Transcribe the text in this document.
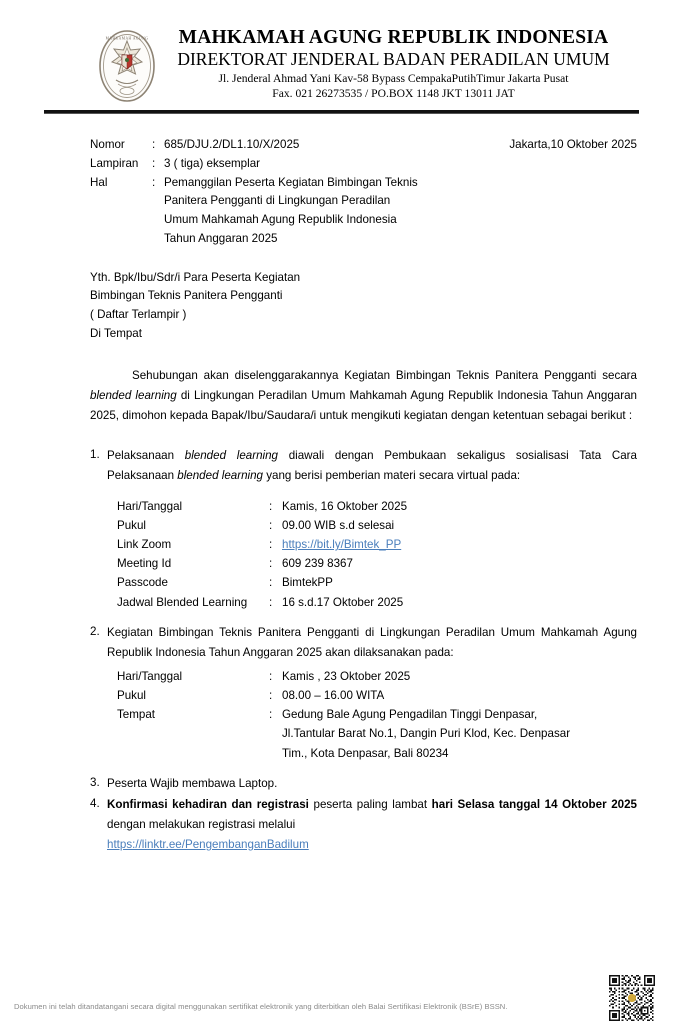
MAHKAMAH AGUNG	MAHKAMAH AGUNG REPUBLIK INDONESIA
DIREKTORAT JENDERAL BADAN PERADILAN UMUM
Jl. Jenderal Ahmad Yani Kav-58 Bypass CempakaPutihTimur Jakarta Pusat
Fax. 021 26273535 / PO.BOX 1148 JKT 13011 JAT
Jakarta,10 Oktober 2025
Nomor	: 685/DJU.2/DL1.10/X/2025
Lampiran	: 3 ( tiga) eksemplar
Hal	: Pemanggilan Peserta Kegiatan Bimbingan Teknis
Panitera Pengganti di Lingkungan Peradilan
Umum Mahkamah Agung Republik Indonesia
Tahun Anggaran 2025
Yth. Bpk/Ibu/Sdr/i Para Peserta Kegiatan
Bimbingan Teknis Panitera Pengganti
( Daftar Terlampir )
Di Tempat
Sehubungan akan diselenggarakannya Kegiatan Bimbingan Teknis Panitera Pengganti secara blended learning di Lingkungan Peradilan Umum Mahkamah Agung Republik Indonesia Tahun Anggaran 2025, dimohon kepada Bapak/Ibu/Saudara/i untuk mengikuti kegiatan dengan ketentuan sebagai berikut :
1. Pelaksanaan blended learning diawali dengan Pembukaan sekaligus sosialisasi Tata Cara Pelaksanaan blended learning yang berisi pemberian materi secara virtual pada:
Hari/Tanggal	: Kamis, 16 Oktober 2025
Pukul	: 09.00 WIB s.d selesai
Link Zoom	: https://bit.ly/Bimtek_PP
Meeting Id	: 609 239 8367
Passcode	: BimtekPP
Jadwal Blended Learning	: 16 s.d.17 Oktober 2025
2. Kegiatan Bimbingan Teknis Panitera Pengganti di Lingkungan Peradilan Umum Mahkamah Agung Republik Indonesia Tahun Anggaran 2025 akan dilaksanakan pada:
Hari/Tanggal	: Kamis , 23 Oktober 2025
Pukul	: 08.00 – 16.00 WITA
Tempat	: Gedung Bale Agung Pengadilan Tinggi Denpasar,
Jl.Tantular Barat No.1, Dangin Puri Klod, Kec. Denpasar
Tim., Kota Denpasar, Bali 80234
3. Peserta Wajib membawa Laptop.
4. Konfirmasi kehadiran dan registrasi peserta paling lambat hari Selasa tanggal 14 Oktober 2025 dengan melakukan registrasi melalui
https://linktr.ee/PengembanganBadilum
Dokumen ini telah ditandatangani secara digital menggunakan sertifikat elektronik yang diterbitkan oleh Balai Sertifikasi Elektronik (BSrE) BSSN.
